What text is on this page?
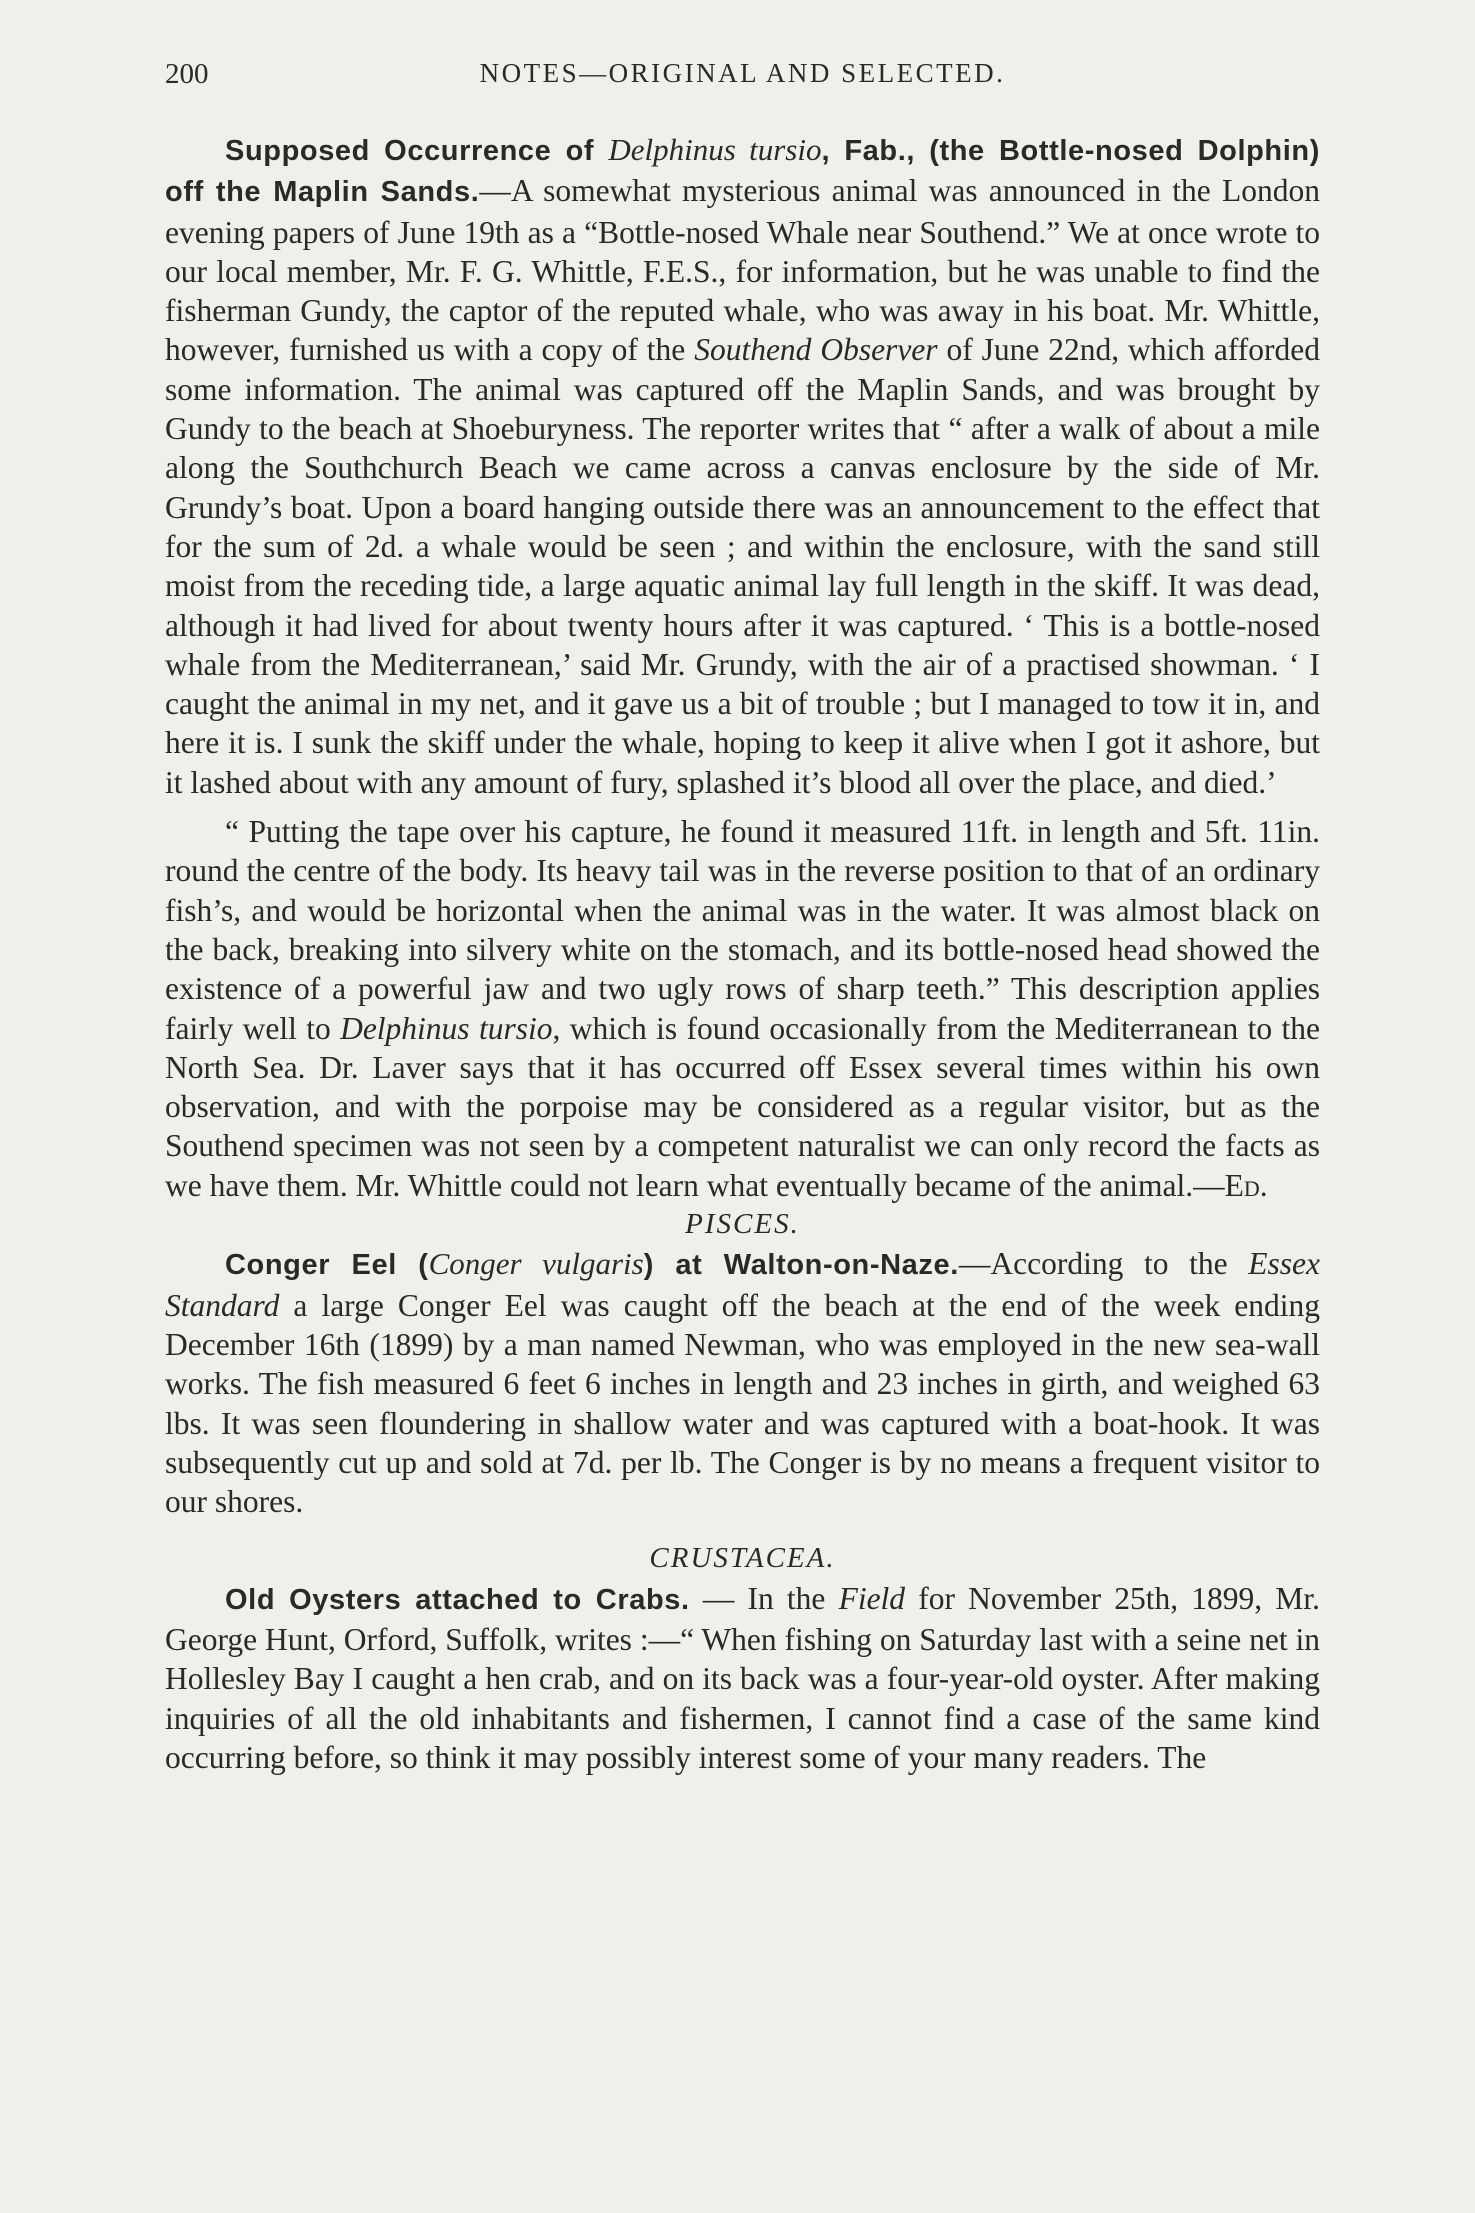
200	NOTES—ORIGINAL AND SELECTED.

Supposed Occurrence of Delphinus tursio, Fab., (the Bottle-nosed Dolphin) off the Maplin Sands.—A somewhat mysterious animal was announced in the London evening papers of June 19th as a “Bottle-nosed Whale near Southend.” We at once wrote to our local member, Mr. F. G. Whittle, F.E.S., for information, but he was unable to find the fisherman Gundy, the captor of the reputed whale, who was away in his boat. Mr. Whittle, however, furnished us with a copy of the Southend Observer of June 22nd, which afforded some information. The animal was captured off the Maplin Sands, and was brought by Gundy to the beach at Shoeburyness. The reporter writes that “ after a walk of about a mile along the Southchurch Beach we came across a canvas enclosure by the side of Mr. Grundy’s boat. Upon a board hanging outside there was an announcement to the effect that for the sum of 2d. a whale would be seen ; and within the enclosure, with the sand still moist from the receding tide, a large aquatic animal lay full length in the skiff. It was dead, although it had lived for about twenty hours after it was captured. ‘ This is a bottle-nosed whale from the Mediterranean,’ said Mr. Grundy, with the air of a practised showman. ‘ I caught the animal in my net, and it gave us a bit of trouble ; but I managed to tow it in, and here it is. I sunk the skiff under the whale, hoping to keep it alive when I got it ashore, but it lashed about with any amount of fury, splashed it’s blood all over the place, and died.’

“ Putting the tape over his capture, he found it measured 11ft. in length and 5ft. 11in. round the centre of the body. Its heavy tail was in the reverse position to that of an ordinary fish’s, and would be horizontal when the animal was in the water. It was almost black on the back, breaking into silvery white on the stomach, and its bottle-nosed head showed the existence of a powerful jaw and two ugly rows of sharp teeth.” This description applies fairly well to Delphinus tursio, which is found occasionally from the Mediterranean to the North Sea. Dr. Laver says that it has occurred off Essex several times within his own observation, and with the porpoise may be considered as a regular visitor, but as the Southend specimen was not seen by a competent naturalist we can only record the facts as we have them. Mr. Whittle could not learn what eventually became of the animal.—Ed.

PISCES.

Conger Eel (Conger vulgaris) at Walton-on-Naze.—According to the Essex Standard a large Conger Eel was caught off the beach at the end of the week ending December 16th (1899) by a man named Newman, who was employed in the new sea-wall works. The fish measured 6 feet 6 inches in length and 23 inches in girth, and weighed 63 lbs. It was seen floundering in shallow water and was captured with a boat-hook. It was subsequently cut up and sold at 7d. per lb. The Conger is by no means a frequent visitor to our shores.

CRUSTACEA.

Old Oysters attached to Crabs. — In the Field for November 25th, 1899, Mr. George Hunt, Orford, Suffolk, writes :—“ When fishing on Saturday last with a seine net in Hollesley Bay I caught a hen crab, and on its back was a four-year-old oyster. After making inquiries of all the old inhabitants and fishermen, I cannot find a case of the same kind occurring before, so think it may possibly interest some of your many readers. The
